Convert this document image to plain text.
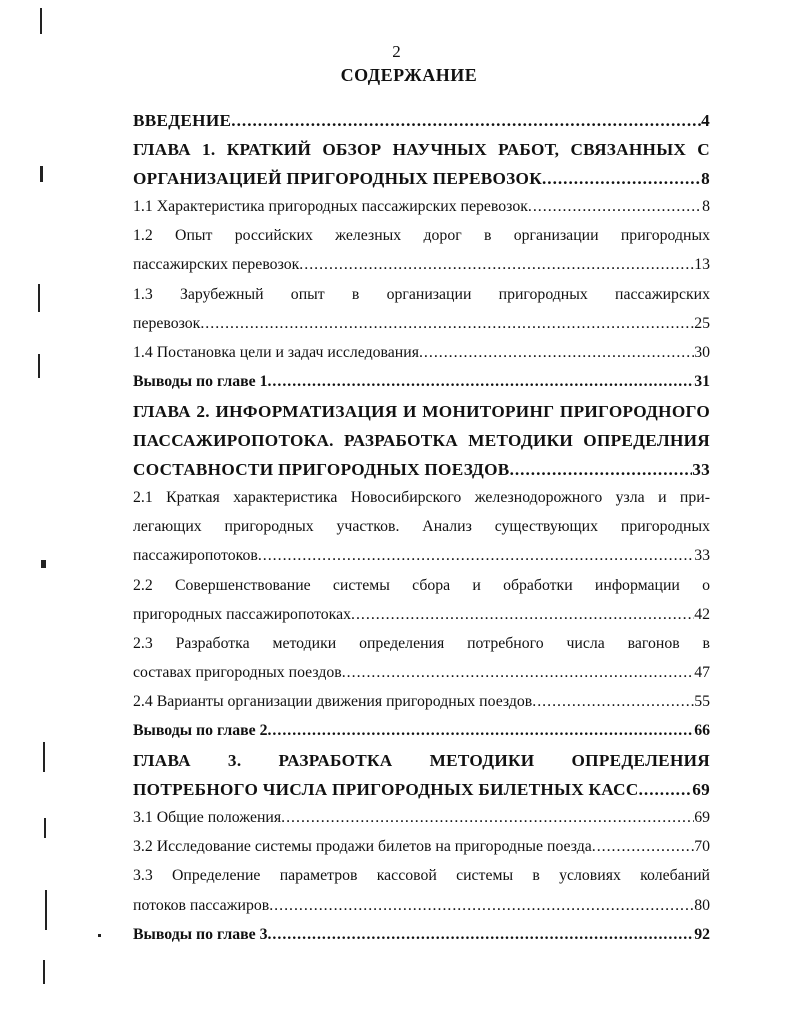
2
СОДЕРЖАНИЕ
ВВЕДЕНИЕ .....	4
ГЛАВА 1. КРАТКИЙ ОБЗОР НАУЧНЫХ РАБОТ, СВЯЗАННЫХ С
ОРГАНИЗАЦИЕЙ ПРИГОРОДНЫХ ПЕРЕВОЗОК .....	8
1.1 Характеристика пригородных пассажирских перевозок .....	8
1.2 Опыт российских железных дорог в организации пригородных
пассажирских перевозок .....	13
1.3 Зарубежный опыт в организации пригородных пассажирских
перевозок .....	25
1.4 Постановка цели и задач исследования .....	30
Выводы по главе 1 .....	31
ГЛАВА 2. ИНФОРМАТИЗАЦИЯ И МОНИТОРИНГ ПРИГОРОДНОГО
ПАССАЖИРОПОТОКА. РАЗРАБОТКА МЕТОДИКИ ОПРЕДЕЛНИЯ
СОСТАВНОСТИ ПРИГОРОДНЫХ ПОЕЗДОВ .....	33
2.1 Краткая характеристика Новосибирского железнодорожного узла и при-
легающих пригородных участков. Анализ существующих пригородных
пассажиропотоков .....	33
2.2 Совершенствование системы сбора и обработки информации о
пригородных пассажиропотоках .....	42
2.3 Разработка методики определения потребного числа вагонов в
составах пригородных поездов .....	47
2.4 Варианты организации движения пригородных поездов .....	55
Выводы по главе 2 .....	66
ГЛАВА 3. РАЗРАБОТКА МЕТОДИКИ ОПРЕДЕЛЕНИЯ
ПОТРЕБНОГО ЧИСЛА ПРИГОРОДНЫХ БИЛЕТНЫХ КАСС .....	69
3.1 Общие положения .....	69
3.2 Исследование системы продажи билетов на пригородные поезда .....	70
3.3 Определение параметров кассовой системы в условиях колебаний
потоков пассажиров .....	80
Выводы по главе 3 .....	92
